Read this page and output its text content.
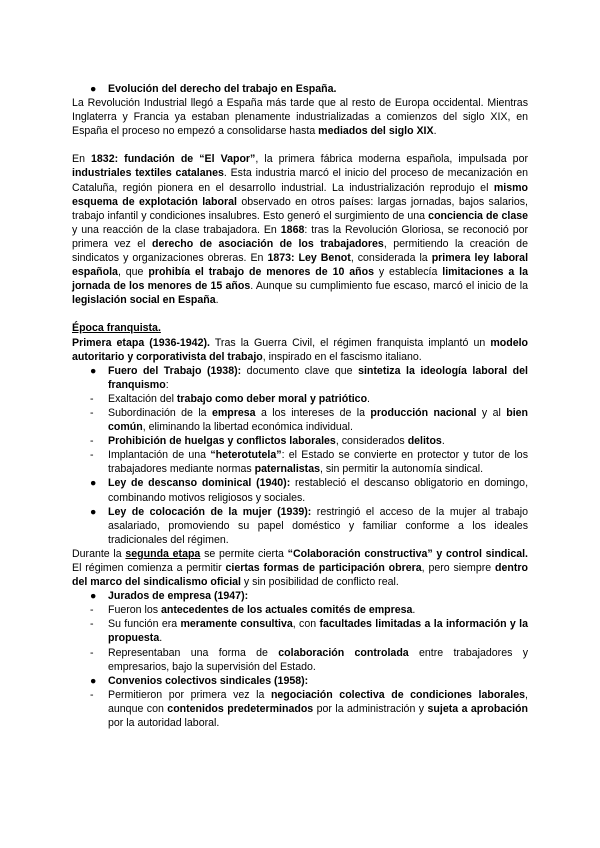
● Evolución del derecho del trabajo en España.

La Revolución Industrial llegó a España más tarde que al resto de Europa occidental. Mientras Inglaterra y Francia ya estaban plenamente industrializadas a comienzos del siglo XIX, en España el proceso no empezó a consolidarse hasta mediados del siglo XIX.

En 1832: fundación de “El Vapor”, la primera fábrica moderna española, impulsada por industriales textiles catalanes. Esta industria marcó el inicio del proceso de mecanización en Cataluña, región pionera en el desarrollo industrial. La industrialización reprodujo el mismo esquema de explotación laboral observado en otros países: largas jornadas, bajos salarios, trabajo infantil y condiciones insalubres. Esto generó el surgimiento de una conciencia de clase y una reacción de la clase trabajadora. En 1868: tras la Revolución Gloriosa, se reconoció por primera vez el derecho de asociación de los trabajadores, permitiendo la creación de sindicatos y organizaciones obreras. En 1873: Ley Benot, considerada la primera ley laboral española, que prohibía el trabajo de menores de 10 años y establecía limitaciones a la jornada de los menores de 15 años. Aunque su cumplimiento fue escaso, marcó el inicio de la legislación social en España.

Época franquista.

Primera etapa (1936-1942). Tras la Guerra Civil, el régimen franquista implantó un modelo autoritario y corporativista del trabajo, inspirado en el fascismo italiano.

● Fuero del Trabajo (1938): documento clave que sintetiza la ideología laboral del franquismo:
- Exaltación del trabajo como deber moral y patriótico.
- Subordinación de la empresa a los intereses de la producción nacional y al bien común, eliminando la libertad económica individual.
- Prohibición de huelgas y conflictos laborales, considerados delitos.
- Implantación de una “heterotutela”: el Estado se convierte en protector y tutor de los trabajadores mediante normas paternalistas, sin permitir la autonomía sindical.
● Ley de descanso dominical (1940): restableció el descanso obligatorio en domingo, combinando motivos religiosos y sociales.
● Ley de colocación de la mujer (1939): restringió el acceso de la mujer al trabajo asalariado, promoviendo su papel doméstico y familiar conforme a los ideales tradicionales del régimen.

Durante la segunda etapa se permite cierta “Colaboración constructiva” y control sindical. El régimen comienza a permitir ciertas formas de participación obrera, pero siempre dentro del marco del sindicalismo oficial y sin posibilidad de conflicto real.

● Jurados de empresa (1947):
- Fueron los antecedentes de los actuales comités de empresa.
- Su función era meramente consultiva, con facultades limitadas a la información y la propuesta.
- Representaban una forma de colaboración controlada entre trabajadores y empresarios, bajo la supervisión del Estado.
● Convenios colectivos sindicales (1958):
- Permitieron por primera vez la negociación colectiva de condiciones laborales, aunque con contenidos predeterminados por la administración y sujeta a aprobación por la autoridad laboral.
